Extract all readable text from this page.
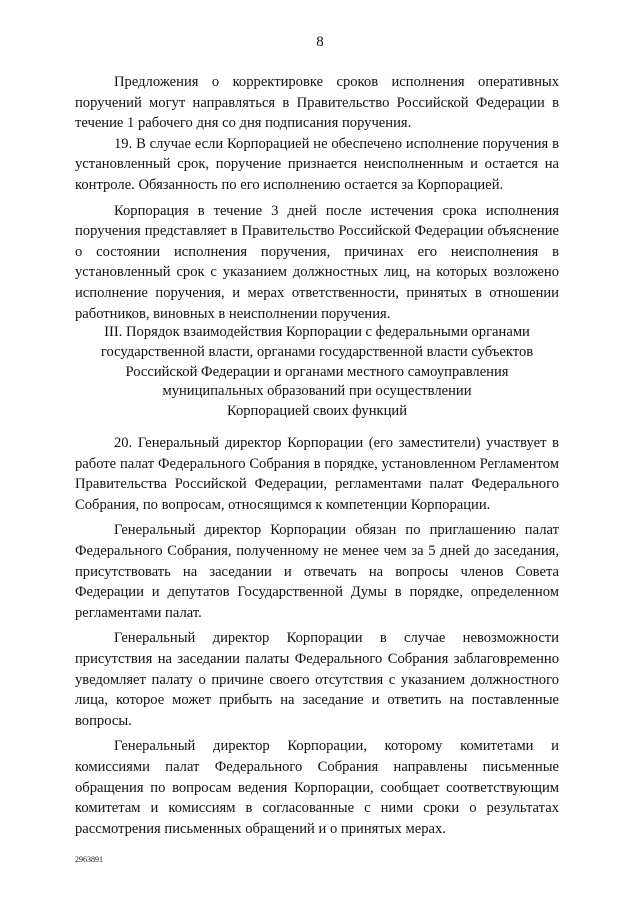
8

Предложения о корректировке сроков исполнения оперативных поручений могут направляться в Правительство Российской Федерации в течение 1 рабочего дня со дня подписания поручения.

19. В случае если Корпорацией не обеспечено исполнение поручения в установленный срок, поручение признается неисполненным и остается на контроле. Обязанность по его исполнению остается за Корпорацией.

Корпорация в течение 3 дней после истечения срока исполнения поручения представляет в Правительство Российской Федерации объяснение о состоянии исполнения поручения, причинах его неисполнения в установленный срок с указанием должностных лиц, на которых возложено исполнение поручения, и мерах ответственности, принятых в отношении работников, виновных в неисполнении поручения.

III. Порядок взаимодействия Корпорации с федеральными органами
государственной власти, органами государственной власти субъектов
Российской Федерации и органами местного самоуправления
муниципальных образований при осуществлении
Корпорацией своих функций

20. Генеральный директор Корпорации (его заместители) участвует в работе палат Федерального Собрания в порядке, установленном Регламентом Правительства Российской Федерации, регламентами палат Федерального Собрания, по вопросам, относящимся к компетенции Корпорации.

Генеральный директор Корпорации обязан по приглашению палат Федерального Собрания, полученному не менее чем за 5 дней до заседания, присутствовать на заседании и отвечать на вопросы членов Совета Федерации и депутатов Государственной Думы в порядке, определенном регламентами палат.

Генеральный директор Корпорации в случае невозможности присутствия на заседании палаты Федерального Собрания заблаговременно уведомляет палату о причине своего отсутствия с указанием должностного лица, которое может прибыть на заседание и ответить на поставленные вопросы.

Генеральный директор Корпорации, которому комитетами и комиссиями палат Федерального Собрания направлены письменные обращения по вопросам ведения Корпорации, сообщает соответствующим комитетам и комиссиям в согласованные с ними сроки о результатах рассмотрения письменных обращений и о принятых мерах.

2963891
